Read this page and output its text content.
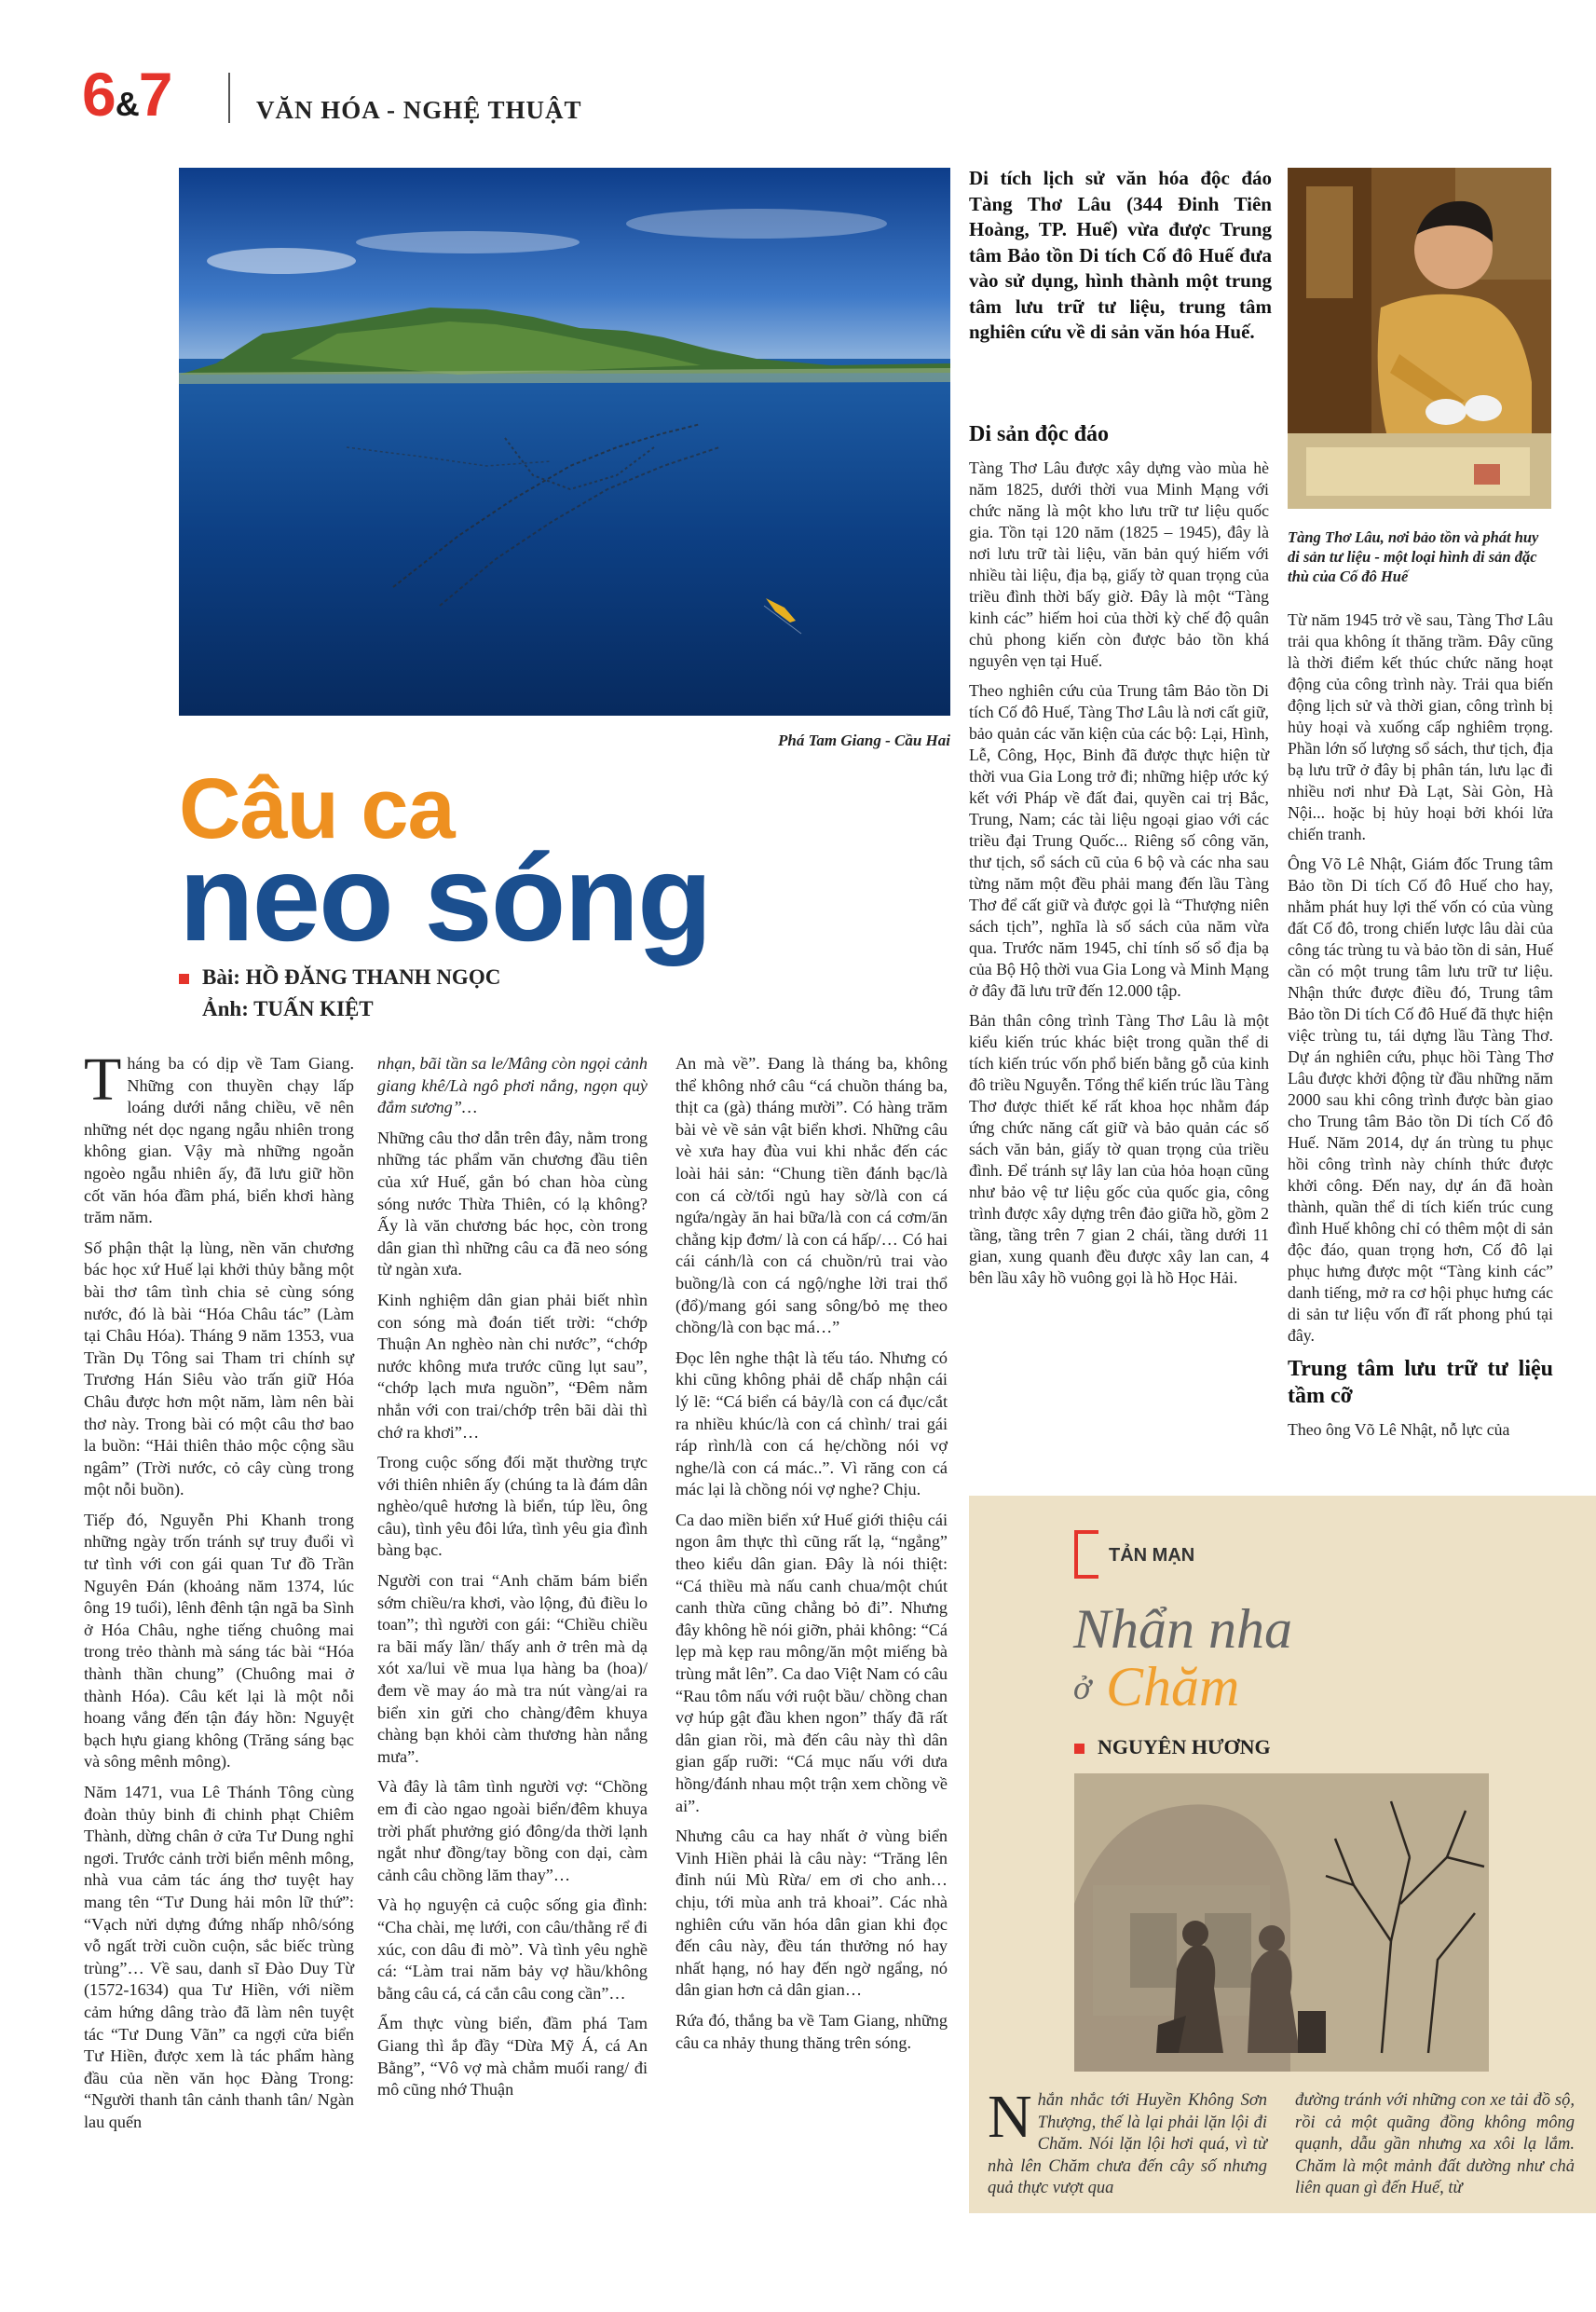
6&7	VĂN HÓA - NGHỆ THUẬT
Phá Tam Giang - Cầu Hai
Câu ca
neo sóng
Bài: HỒ ĐĂNG THANH NGỌC
Ảnh: TUẤN KIỆT

Tháng ba có dịp về Tam Giang. Những con thuyền chạy lấp loáng dưới nắng chiều, vẽ nên những nét dọc ngang ngẫu nhiên trong không gian. Vậy mà những ngoằn ngoèo ngẫu nhiên ấy, đã lưu giữ hồn cốt văn hóa đầm phá, biển khơi hàng trăm năm.

Số phận thật lạ lùng, nền văn chương bác học xứ Huế lại khởi thủy bằng một bài thơ tâm tình chia sẻ cùng sóng nước, đó là bài “Hóa Châu tác” (Làm tại Châu Hóa). Tháng 9 năm 1353, vua Trần Dụ Tông sai Tham tri chính sự Trương Hán Siêu vào trấn giữ Hóa Châu được hơn một năm, làm nên bài thơ này. Trong bài có một câu thơ bao la buồn: “Hải thiên thảo mộc cộng sầu ngâm” (Trời nước, cỏ cây cùng trong một nỗi buồn).

Tiếp đó, Nguyễn Phi Khanh trong những ngày trốn tránh sự truy đuổi vì tư tình với con gái quan Tư đồ Trần Nguyên Đán (khoảng năm 1374, lúc ông 19 tuổi), lênh đênh tận ngã ba Sình ở Hóa Châu, nghe tiếng chuông mai trong trẻo thành mà sáng tác bài “Hóa thành thần chung” (Chuông mai ở thành Hóa). Câu kết lại là một nỗi hoang vắng đến tận đáy hồn: Nguyệt bạch hựu giang không (Trăng sáng bạc và sông mênh mông).

Năm 1471, vua Lê Thánh Tông cùng đoàn thủy binh đi chinh phạt Chiêm Thành, dừng chân ở cửa Tư Dung nghỉ ngơi. Trước cảnh trời biển mênh mông, nhà vua cảm tác áng thơ tuyệt hay mang tên “Tư Dung hải môn lữ thứ”: “Vạch nửi dựng đứng nhấp nhô/sóng vỗ ngất trời cuồn cuộn, sắc biếc trùng trùng”… Về sau, danh sĩ Đào Duy Từ (1572-1634) qua Tư Hiền, với niềm cảm hứng dâng trào đã làm nên tuyệt tác “Tư Dung Vãn” ca ngợi cửa biển Tư Hiền, được xem là tác phẩm hàng đầu của nền văn học Đàng Trong: “Người thanh tân cảnh thanh tân/ Ngàn lau quến

nhạn, bãi tần sa le/Mâng còn ngọi cảnh giang khê/Là ngô phơi nắng, ngọn quỳ đắm sương”…

Những câu thơ dẫn trên đây, nằm trong những tác phẩm văn chương đầu tiên của xứ Huế, gắn bó chan hòa cùng sóng nước Thừa Thiên, có lạ không? Ấy là văn chương bác học, còn trong dân gian thì những câu ca đã neo sóng từ ngàn xưa.

Kinh nghiệm dân gian phải biết nhìn con sóng mà đoán tiết trời: “chớp Thuận An nghèo nàn chi nước”, “chớp nước không mưa trước cũng lụt sau”, “chớp lạch mưa nguồn”, “Đêm nằm nhắn với con trai/chớp trên bãi dài thì chớ ra khơi”…

Trong cuộc sống đối mặt thường trực với thiên nhiên ấy (chúng ta là đám dân nghèo/quê hương là biển, túp lều, ông câu), tình yêu đôi lứa, tình yêu gia đình bàng bạc.

Người con trai “Anh chăm bám biển sớm chiều/ra khơi, vào lộng, đủ điều lo toan”; thì người con gái: “Chiều chiều ra bãi mấy lần/ thấy anh ở trên mà dạ xót xa/lui về mua lụa hàng ba (hoa)/đem về may áo mà tra nút vàng/ai ra biển xin gửi cho chàng/đêm khuya chàng bạn khỏi càm thương hàn nắng mưa”.

Và đây là tâm tình người vợ: “Chồng em đi cào ngao ngoài biển/đêm khuya trời phất phưởng gió đông/da thời lạnh ngắt như đồng/tay bồng con dại, càm cảnh câu chồng lăm thay”…

Và họ nguyện cả cuộc sống gia đình: “Cha chài, mẹ lưới, con câu/thằng rể đi xúc, con dâu đi mò”. Và tình yêu nghề cá: “Làm trai năm bảy vợ hầu/không bằng câu cá, cá cắn câu cong cần”…

Ẩm thực vùng biển, đầm phá Tam Giang thì ắp đầy “Dừa Mỹ Á, cá An Bằng”, “Vô vợ mà chẳm muối rang/ đi mô cũng nhớ Thuận

An mà về”. Đang là tháng ba, không thể không nhớ câu “cá chuồn tháng ba, thịt ca (gà) tháng mười”. Có hàng trăm bài vè về sản vật biển khơi. Những câu vè xưa hay đùa vui khi nhắc đến các loài hải sản: “Chung tiền đánh bạc/là con cá cờ/tối ngủ hay sờ/là con cá ngứa/ngày ăn hai bữa/là con cá cơm/ăn chẳng kịp đơm/ là con cá hấp/… Có hai cái cánh/là con cá chuồn/rủ trai vào buồng/là con cá ngộ/nghe lời trai thổ (đổ)/mang gói sang sông/bỏ mẹ theo chồng/là con bạc má…”

Đọc lên nghe thật là tếu táo. Nhưng có khi cũng không phải dễ chấp nhận cái lý lẽ: “Cá biển cá bảy/là con cá đục/cắt ra nhiều khúc/là con cá chình/ trai gái ráp rình/là con cá hẹ/chồng nói vợ nghe/là con cá mác..”. Vì răng con cá mác lại là chồng nói vợ nghe? Chịu.

Ca dao miền biển xứ Huế giới thiệu cái ngon âm thực thì cũng rất lạ, “ngẳng” theo kiểu dân gian. Đây là nói thiệt: “Cá thiều mà nấu canh chua/một chút canh thừa cũng chẳng bỏ đi”. Nhưng đây không hề nói giỡn, phải không: “Cá lẹp mà kẹp rau mông/ăn một miếng bà trùng mắt lên”. Ca dao Việt Nam có câu “Rau tôm nấu với ruột bầu/ chồng chan vợ húp gật đầu khen ngon” thấy đã rất dân gian rồi, mà đến câu này thì dân gian gấp ruỡi: “Cá mục nấu với dưa hồng/đánh nhau một trận xem chồng về ai”.

Nhưng câu ca hay nhất ở vùng biển Vinh Hiền phải là câu này: “Trăng lên đỉnh núi Mù Rừa/ em ơi cho anh… chịu, tới mùa anh trả khoai”. Các nhà nghiên cứu văn hóa dân gian khi đọc đến câu này, đều tán thưởng nó hay nhất hạng, nó hay đến ngờ ngẩng, nó dân gian hơn cả dân gian…

Rứa đó, thắng ba về Tam Giang, những câu ca nhảy thung thăng trên sóng.

Di tích lịch sử văn hóa độc đáo Tàng Thơ Lâu (344 Đinh Tiên Hoàng, TP. Huế) vừa được Trung tâm Bảo tồn Di tích Cố đô Huế đưa vào sử dụng, hình thành một trung tâm lưu trữ tư liệu, trung tâm nghiên cứu về di sản văn hóa Huế.
Di sản độc đáo

Tàng Thơ Lâu được xây dựng vào mùa hè năm 1825, dưới thời vua Minh Mạng với chức năng là một kho lưu trữ tư liệu quốc gia. Tồn tại 120 năm (1825 – 1945), đây là nơi lưu trữ tài liệu, văn bản quý hiếm với nhiều tài liệu, địa bạ, giấy tờ quan trọng của triều đình thời bấy giờ. Đây là một “Tàng kinh các” hiếm hoi của thời kỳ chế độ quân chủ phong kiến còn được bảo tồn khá nguyên vẹn tại Huế.

Theo nghiên cứu của Trung tâm Bảo tồn Di tích Cố đô Huế, Tàng Thơ Lâu là nơi cất giữ, bảo quản các văn kiện của các bộ: Lại, Hình, Lễ, Công, Học, Binh đã được thực hiện từ thời vua Gia Long trở đi; những hiệp ước ký kết với Pháp về đất đai, quyền cai trị Bắc, Trung, Nam; các tài liệu ngoại giao với các triều đại Trung Quốc... Riêng số công văn, thư tịch, sổ sách cũ của 6 bộ và các nha sau từng năm một đều phải mang đến lầu Tàng Thơ để cất giữ và được gọi là “Thượng niên sách tịch”, nghĩa là số sách của năm vừa qua. Trước năm 1945, chỉ tính số sổ địa bạ của Bộ Hộ thời vua Gia Long và Minh Mạng ở đây đã lưu trữ đến 12.000 tập.

Bản thân công trình Tàng Thơ Lâu là một kiểu kiến trúc khác biệt trong quần thể di tích kiến trúc vốn phổ biến bằng gỗ của kinh đô triều Nguyễn. Tổng thể kiến trúc lầu Tàng Thơ được thiết kế rất khoa học nhằm đáp ứng chức năng cất giữ và bảo quản các số sách văn bản, giấy tờ quan trọng của triều đình. Để tránh sự lây lan của hỏa hoạn cũng như bảo vệ tư liệu gốc của quốc gia, công trình được xây dựng trên đảo giữa hồ, gồm 2 tầng, tầng trên 7 gian 2 chái, tầng dưới 11 gian, xung quanh đều được xây lan can, 4 bên lầu xây hồ vuông gọi là hồ Học Hải.

Tàng Thơ Lâu, nơi bảo tồn và phát huy di sản tư liệu - một loại hình di sản đặc thù của Cố đô Huế

Từ năm 1945 trở về sau, Tàng Thơ Lâu trải qua không ít thăng trầm. Đây cũng là thời điểm kết thúc chức năng hoạt động của công trình này. Trải qua biến động lịch sử và thời gian, công trình bị hủy hoại và xuống cấp nghiêm trọng. Phần lớn số lượng sổ sách, thư tịch, địa bạ lưu trữ ở đây bị phân tán, lưu lạc đi nhiều nơi như Đà Lạt, Sài Gòn, Hà Nội... hoặc bị hủy hoại bởi khói lửa chiến tranh.

Ông Võ Lê Nhật, Giám đốc Trung tâm Bảo tồn Di tích Cố đô Huế cho hay, nhằm phát huy lợi thế vốn có của vùng đất Cố đô, trong chiến lược lâu dài của công tác trùng tu và bảo tồn di sản, Huế cần có một trung tâm lưu trữ tư liệu. Nhận thức được điều đó, Trung tâm Bảo tồn Di tích Cố đô Huế đã thực hiện việc trùng tu, tái dựng lầu Tàng Thơ. Dự án nghiên cứu, phục hồi Tàng Thơ Lâu được khởi động từ đầu những năm 2000 sau khi công trình được bàn giao cho Trung tâm Bảo tồn Di tích Cố đô Huế. Năm 2014, dự án trùng tu phục hồi công trình này chính thức được khởi công. Đến nay, dự án đã hoàn thành, quần thể di tích kiến trúc cung đình Huế không chỉ có thêm một di sản độc đáo, quan trọng hơn, Cố đô lại phục hưng được một “Tàng kinh các” danh tiếng, mở ra cơ hội phục hưng các di sản tư liệu vốn đĩ rất phong phú tại đây.

Trung tâm lưu trữ tư liệu tầm cỡ

Theo ông Võ Lê Nhật, nỗ lực của

TẢN MẠN
Nhẩn nha
ở Chăm
NGUYÊN HƯƠNG
Nhắn nhắc tới Huyền Không Sơn Thượng, thế là lại phải lặn lội đi Chăm. Nói lặn lội hơi quá, vì từ nhà lên Chăm chưa đến cây số nhưng quả thực vượt qua
đường tránh với những con xe tải đồ sộ, rồi cả một quãng đồng không mông quạnh, dẫu gần nhưng xa xôi lạ lắm. Chăm là một mảnh đất dường như chả liên quan gì đến Huế, từ
